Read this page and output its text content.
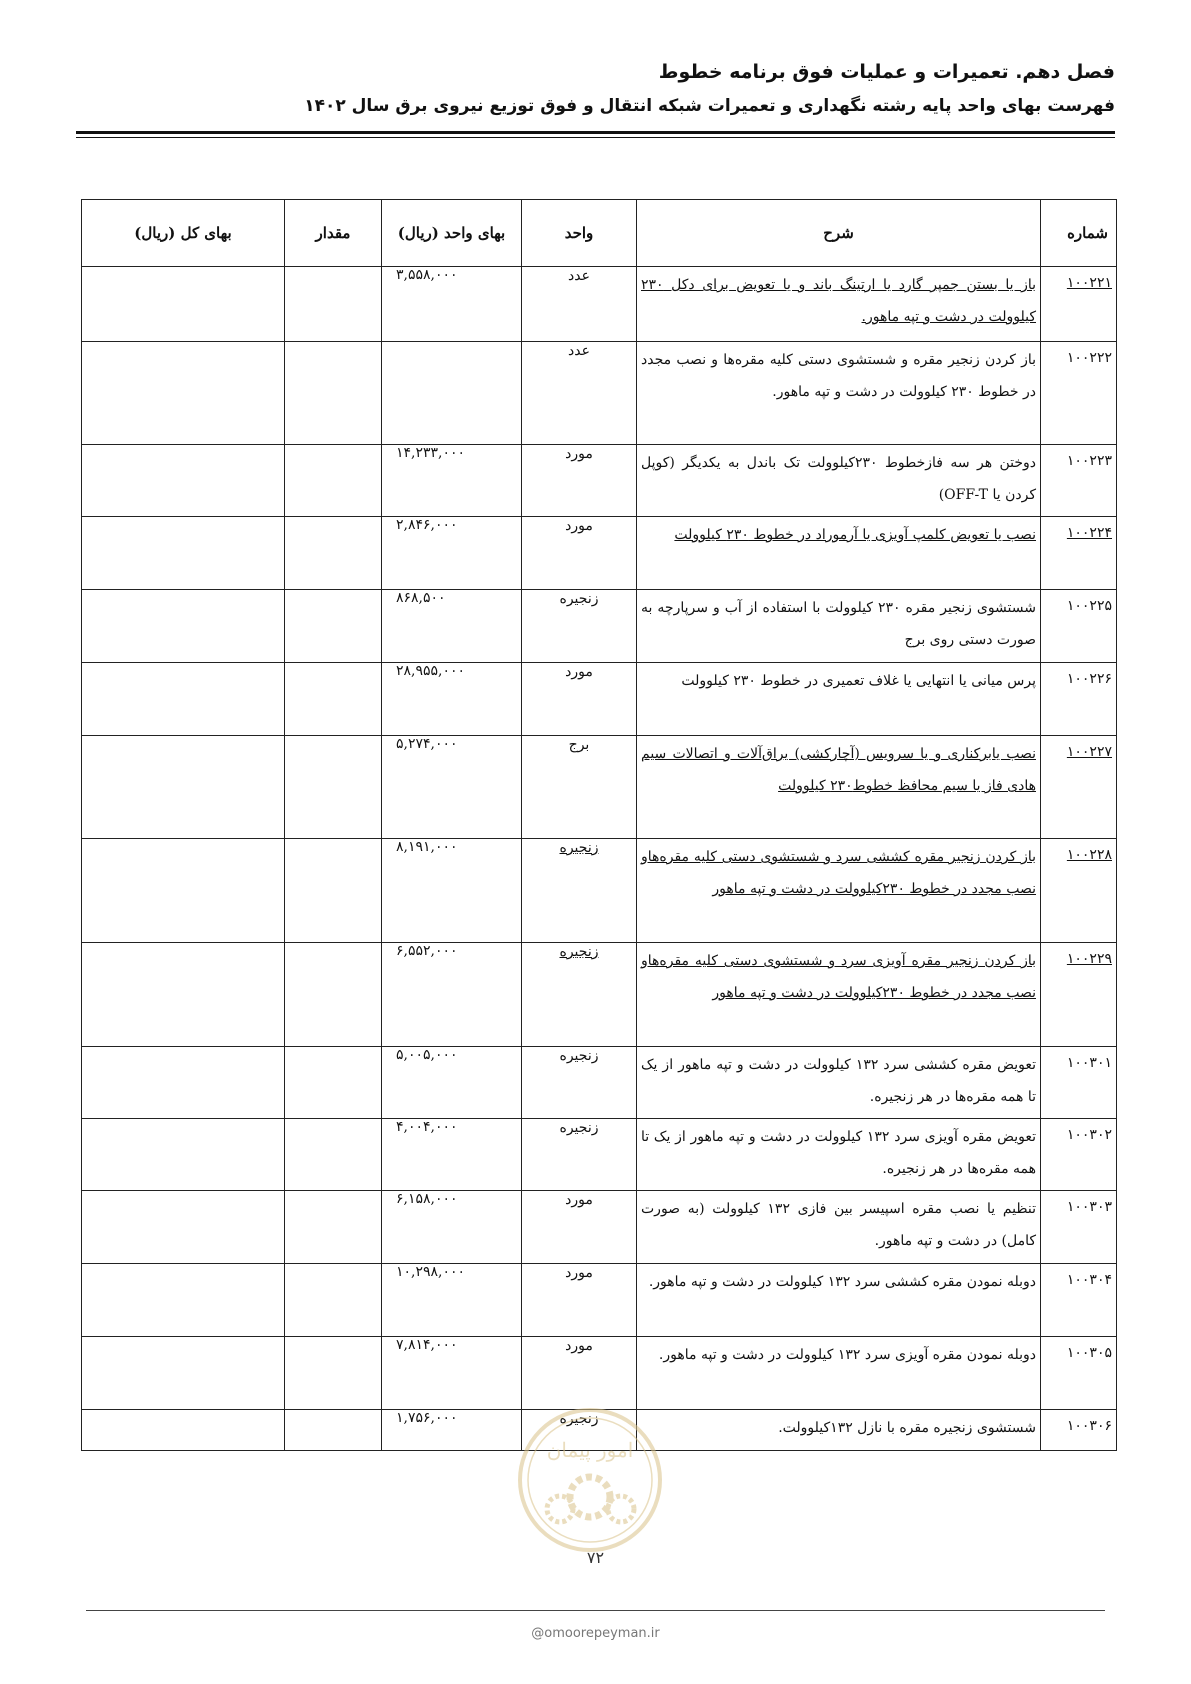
فصل دهم. تعمیرات و عملیات فوق برنامه خطوط
فهرست بهای واحد پایه رشته نگهداری و تعمیرات شبکه انتقال و فوق توزیع نیروی برق سال ۱۴۰۲
شماره	شرح	واحد	بهای واحد (ریال)	مقدار	بهای کل (ریال)
۱۰۰۲۲۱	باز یا بستن جمپر گارد یا ارتینگ باند و یا تعویض برای دکل ۲۳۰ کیلوولت در دشت و تپه ماهور.	عدد	۳,۵۵۸,۰۰۰		
۱۰۰۲۲۲	باز کردن زنجیر مقره و شستشوی دستی کلیه مقره‌ها و نصب مجدد در خطوط ۲۳۰ کیلوولت در دشت و تپه ماهور.	عدد			
۱۰۰۲۲۳	دوختن هر سه فازخطوط ۲۳۰کیلوولت تک باندل به یکدیگر (کوپل کردن یا OFF-T)	مورد	۱۴,۲۳۳,۰۰۰		
۱۰۰۲۲۴	نصب یا تعویض کلمپ آویزی یا آرموراد در خطوط ۲۳۰ کیلوولت	مورد	۲,۸۴۶,۰۰۰		
۱۰۰۲۲۵	شستشوی زنجیر مقره ۲۳۰ کیلوولت با استفاده از آب و سرپارچه به صورت دستی روی برج	زنجیره	۸۶۸,۵۰۰		
۱۰۰۲۲۶	پرس میانی یا انتهایی یا غلاف تعمیری در خطوط ۲۳۰ کیلوولت	مورد	۲۸,۹۵۵,۰۰۰		
۱۰۰۲۲۷	نصب یابرکناری و یا سرویس (آچارکشی) یراق‌آلات و اتصالات سیم هادی فاز یا سیم محافظ خطوط۲۳۰ کیلوولت	برج	۵,۲۷۴,۰۰۰		
۱۰۰۲۲۸	باز کردن زنجیر مقره کششی سرد و شستشوی دستی کلیه مقره‌هاو نصب مجدد در خطوط ۲۳۰کیلوولت در دشت و تپه ماهور	زنجیره	۸,۱۹۱,۰۰۰		
۱۰۰۲۲۹	باز کردن زنجیر مقره آویزی سرد و شستشوی دستی کلیه مقره‌هاو نصب مجدد در خطوط ۲۳۰کیلوولت در دشت و تپه ماهور	زنجیره	۶,۵۵۲,۰۰۰		
۱۰۰۳۰۱	تعویض مقره کششی سرد ۱۳۲ کیلوولت در دشت و تپه ماهور از یک تا همه مقره‌ها در هر زنجیره.	زنجیره	۵,۰۰۵,۰۰۰		
۱۰۰۳۰۲	تعویض مقره آویزی سرد ۱۳۲ کیلوولت در دشت و تپه ماهور از یک تا همه مقره‌ها در هر زنجیره.	زنجیره	۴,۰۰۴,۰۰۰		
۱۰۰۳۰۳	تنظیم یا نصب مقره اسپیسر بین فازی ۱۳۲ کیلوولت (به صورت کامل) در دشت و تپه ماهور.	مورد	۶,۱۵۸,۰۰۰		
۱۰۰۳۰۴	دوبله نمودن مقره کششی سرد ۱۳۲ کیلوولت در دشت و تپه ماهور.	مورد	۱۰,۲۹۸,۰۰۰		
۱۰۰۳۰۵	دوبله نمودن مقره آویزی سرد ۱۳۲ کیلوولت در دشت و تپه ماهور.	مورد	۷,۸۱۴,۰۰۰		
۱۰۰۳۰۶	شستشوی زنجیره مقره با نازل ۱۳۲کیلوولت.	زنجیره	۱,۷۵۶,۰۰۰		
امور پیمان
۷۲
@omoorepeyman.ir
